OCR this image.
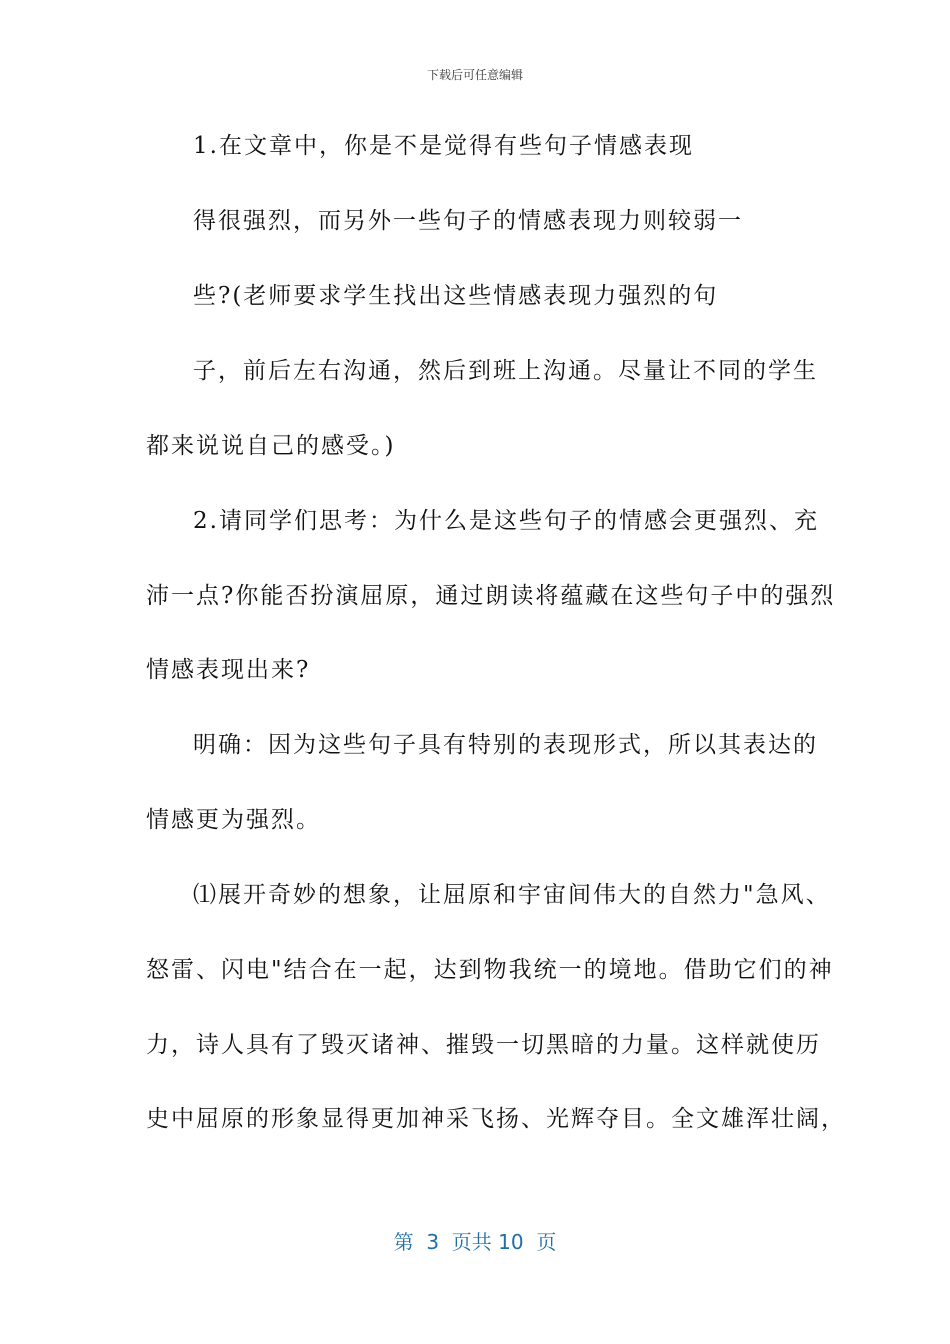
下载后可任意编辑
1.在文章中，你是不是觉得有些句子情感表现
得很强烈，而另外一些句子的情感表现力则较弱一
些?(老师要求学生找出这些情感表现力强烈的句
子，前后左右沟通，然后到班上沟通。尽量让不同的学生
都来说说自己的感受。)
2.请同学们思考：为什么是这些句子的情感会更强烈、充
沛一点?你能否扮演屈原，通过朗读将蕴藏在这些句子中的强烈
情感表现出来?
明确：因为这些句子具有特别的表现形式，所以其表达的
情感更为强烈。
⑴展开奇妙的想象，让屈原和宇宙间伟大的自然力"急风、
怒雷、闪电"结合在一起，达到物我统一的境地。借助它们的神
力，诗人具有了毁灭诸神、摧毁一切黑暗的力量。这样就使历
史中屈原的形象显得更加神采飞扬、光辉夺目。全文雄浑壮阔，
第  3  页共 10  页
